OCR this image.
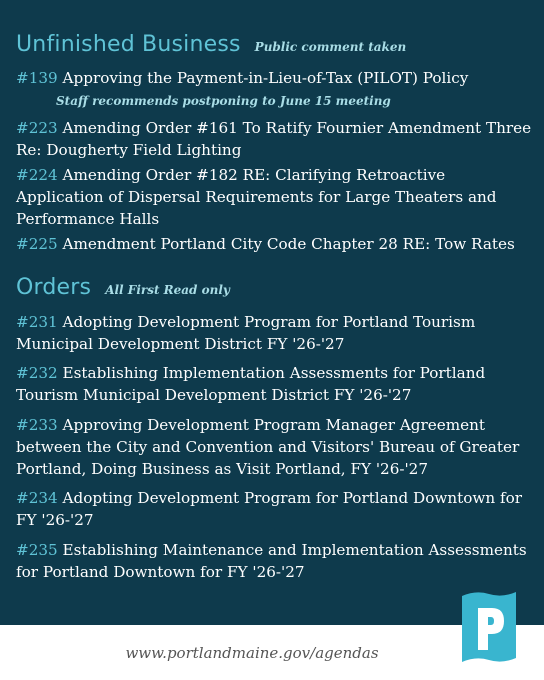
Unfinished Business Public comment taken
#139 Approving the Payment-in-Lieu-of-Tax (PILOT) Policy
Staff recommends postponing to June 15 meeting
#223 Amending Order #161 To Ratify Fournier Amendment Three Re: Dougherty Field Lighting
#224 Amending Order #182 RE: Clarifying Retroactive Application of Dispersal Requirements for Large Theaters and Performance Halls
#225 Amendment Portland City Code Chapter 28 RE: Tow Rates
Orders All First Read only
#231 Adopting Development Program for Portland Tourism Municipal Development District FY '26-'27
#232 Establishing Implementation Assessments for Portland Tourism Municipal Development District FY '26-'27
#233 Approving Development Program Manager Agreement between the City and Convention and Visitors' Bureau of Greater Portland, Doing Business as Visit Portland, FY '26-'27
#234 Adopting Development Program for Portland Downtown for FY '26-'27
#235 Establishing Maintenance and Implementation Assessments for Portland Downtown for FY '26-'27
www.portlandmaine.gov/agendas
